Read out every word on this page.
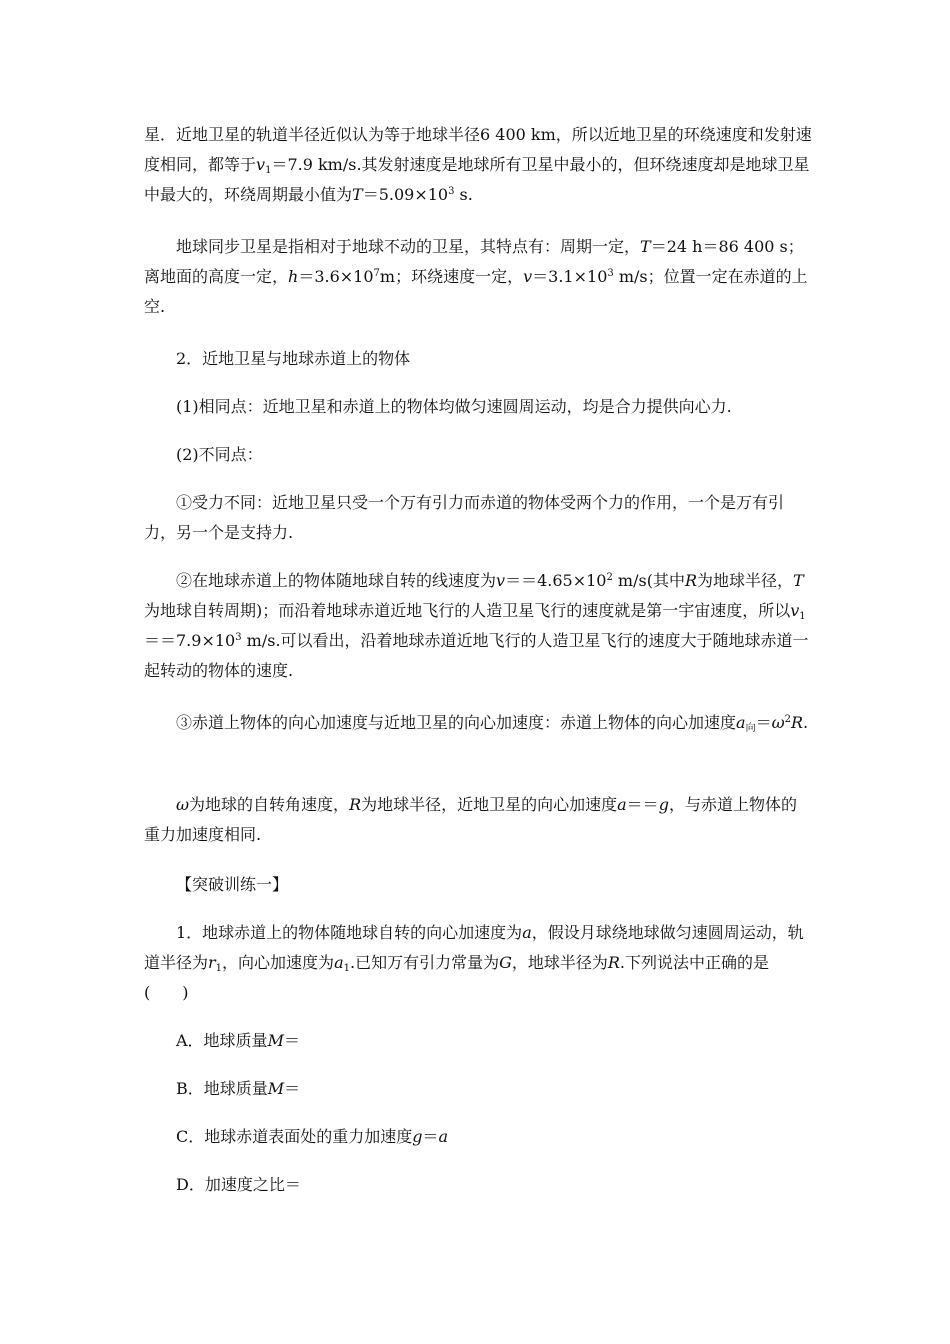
星．近地卫星的轨道半径近似认为等于地球半径6 400 km，所以近地卫星的环绕速度和发射速度相同，都等于$v_1=7.9$ km/s.其发射速度是地球所有卫星中最小的，但环绕速度却是地球卫星中最大的，环绕周期最小值为$T=5.09\times 10^3$ s.

地球同步卫星是指相对于地球不动的卫星，其特点有：周期一定，T＝24 h＝86 400 s；离地面的高度一定，$h=3.6\times 10^7m$；环绕速度一定，$v=3.1\times 10^3$ m/s；位置一定在赤道的上空.

2．近地卫星与地球赤道上的物体

(1)相同点：近地卫星和赤道上的物体均做匀速圆周运动，均是合力提供向心力.

(2)不同点：

①受力不同：近地卫星只受一个万有引力而赤道的物体受两个力的作用，一个是万有引力，另一个是支持力.

②在地球赤道上的物体随地球自转的线速度为$v==4.65\times 10^2$ m/s(其中R为地球半径，T为地球自转周期)；而沿着地球赤道近地飞行的人造卫星飞行的速度就是第一宇宙速度，所以$v_1==7.9\times 10^3$ m/s.可以看出，沿着地球赤道近地飞行的人造卫星飞行的速度大于随地球赤道一起转动的物体的速度.

③赤道上物体的向心加速度与近地卫星的向心加速度：赤道上物体的向心加速度$a_向=\omega^2R$.

ω为地球的自转角速度，R为地球半径，近地卫星的向心加速度a＝＝g，与赤道上物体的重力加速度相同.

【突破训练一】

1．地球赤道上的物体随地球自转的向心加速度为a，假设月球绕地球做匀速圆周运动，轨道半径为$r_1$，向心加速度为$a_1$.已知万有引力常量为G，地球半径为R.下列说法中正确的是(　　)

A．地球质量M＝

B．地球质量M＝

C．地球赤道表面处的重力加速度g＝a

D．加速度之比＝
